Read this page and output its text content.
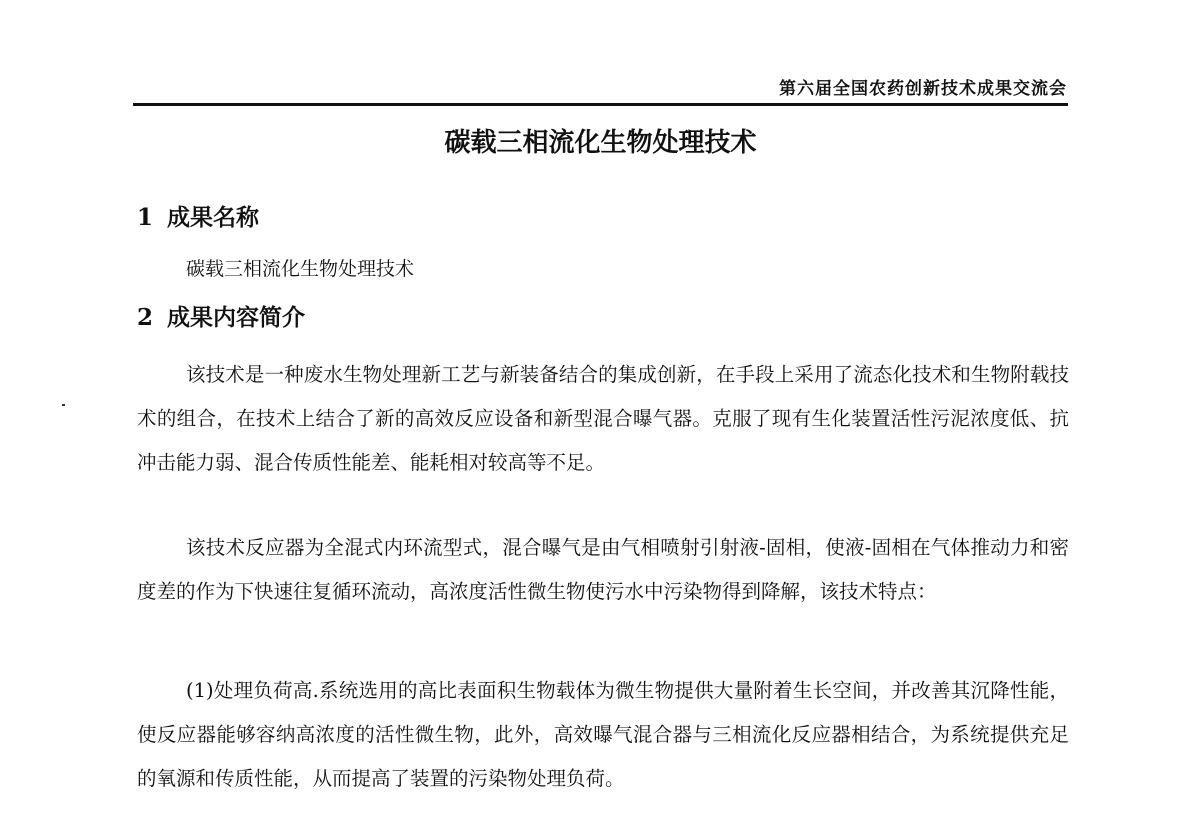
第六届全国农药创新技术成果交流会
碳载三相流化生物处理技术
1 成果名称
碳载三相流化生物处理技术
2 成果内容简介

该技术是一种废水生物处理新工艺与新装备结合的集成创新，在手段上采用了流态化技术和生物附载技术的组合，在技术上结合了新的高效反应设备和新型混合曝气器。克服了现有生化装置活性污泥浓度低、抗冲击能力弱、混合传质性能差、能耗相对较高等不足。

该技术反应器为全混式内环流型式，混合曝气是由气相喷射引射液-固相，使液-固相在气体推动力和密度差的作为下快速往复循环流动，高浓度活性微生物使污水中污染物得到降解，该技术特点：

(1)处理负荷高.系统选用的高比表面积生物载体为微生物提供大量附着生长空间，并改善其沉降性能，使反应器能够容纳高浓度的活性微生物，此外，高效曝气混合器与三相流化反应器相结合，为系统提供充足的氧源和传质性能，从而提高了装置的污染物处理负荷。
